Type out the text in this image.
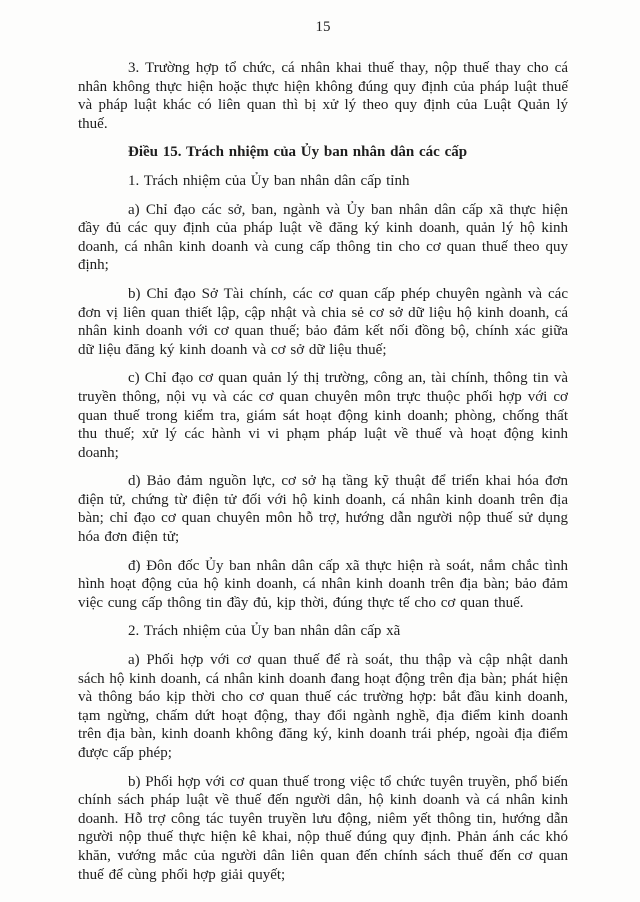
15

3. Trường hợp tổ chức, cá nhân khai thuế thay, nộp thuế thay cho cá nhân không thực hiện hoặc thực hiện không đúng quy định của pháp luật thuế và pháp luật khác có liên quan thì bị xử lý theo quy định của Luật Quản lý thuế.

Điều 15. Trách nhiệm của Ủy ban nhân dân các cấp

1. Trách nhiệm của Ủy ban nhân dân cấp tỉnh

a) Chỉ đạo các sở, ban, ngành và Ủy ban nhân dân cấp xã thực hiện đầy đủ các quy định của pháp luật về đăng ký kinh doanh, quản lý hộ kinh doanh, cá nhân kinh doanh và cung cấp thông tin cho cơ quan thuế theo quy định;

b) Chỉ đạo Sở Tài chính, các cơ quan cấp phép chuyên ngành và các đơn vị liên quan thiết lập, cập nhật và chia sẻ cơ sở dữ liệu hộ kinh doanh, cá nhân kinh doanh với cơ quan thuế; bảo đảm kết nối đồng bộ, chính xác giữa dữ liệu đăng ký kinh doanh và cơ sở dữ liệu thuế;

c) Chỉ đạo cơ quan quản lý thị trường, công an, tài chính, thông tin và truyền thông, nội vụ và các cơ quan chuyên môn trực thuộc phối hợp với cơ quan thuế trong kiểm tra, giám sát hoạt động kinh doanh; phòng, chống thất thu thuế; xử lý các hành vi vi phạm pháp luật về thuế và hoạt động kinh doanh;

d) Bảo đảm nguồn lực, cơ sở hạ tầng kỹ thuật để triển khai hóa đơn điện tử, chứng từ điện tử đối với hộ kinh doanh, cá nhân kinh doanh trên địa bàn; chỉ đạo cơ quan chuyên môn hỗ trợ, hướng dẫn người nộp thuế sử dụng hóa đơn điện tử;

đ) Đôn đốc Ủy ban nhân dân cấp xã thực hiện rà soát, nắm chắc tình hình hoạt động của hộ kinh doanh, cá nhân kinh doanh trên địa bàn; bảo đảm việc cung cấp thông tin đầy đủ, kịp thời, đúng thực tế cho cơ quan thuế.

2. Trách nhiệm của Ủy ban nhân dân cấp xã

a) Phối hợp với cơ quan thuế để rà soát, thu thập và cập nhật danh sách hộ kinh doanh, cá nhân kinh doanh đang hoạt động trên địa bàn; phát hiện và thông báo kịp thời cho cơ quan thuế các trường hợp: bắt đầu kinh doanh, tạm ngừng, chấm dứt hoạt động, thay đổi ngành nghề, địa điểm kinh doanh trên địa bàn, kinh doanh không đăng ký, kinh doanh trái phép, ngoài địa điểm được cấp phép;

b) Phối hợp với cơ quan thuế trong việc tổ chức tuyên truyền, phổ biến chính sách pháp luật về thuế đến người dân, hộ kinh doanh và cá nhân kinh doanh. Hỗ trợ công tác tuyên truyền lưu động, niêm yết thông tin, hướng dẫn người nộp thuế thực hiện kê khai, nộp thuế đúng quy định. Phản ánh các khó khăn, vướng mắc của người dân liên quan đến chính sách thuế đến cơ quan thuế để cùng phối hợp giải quyết;
